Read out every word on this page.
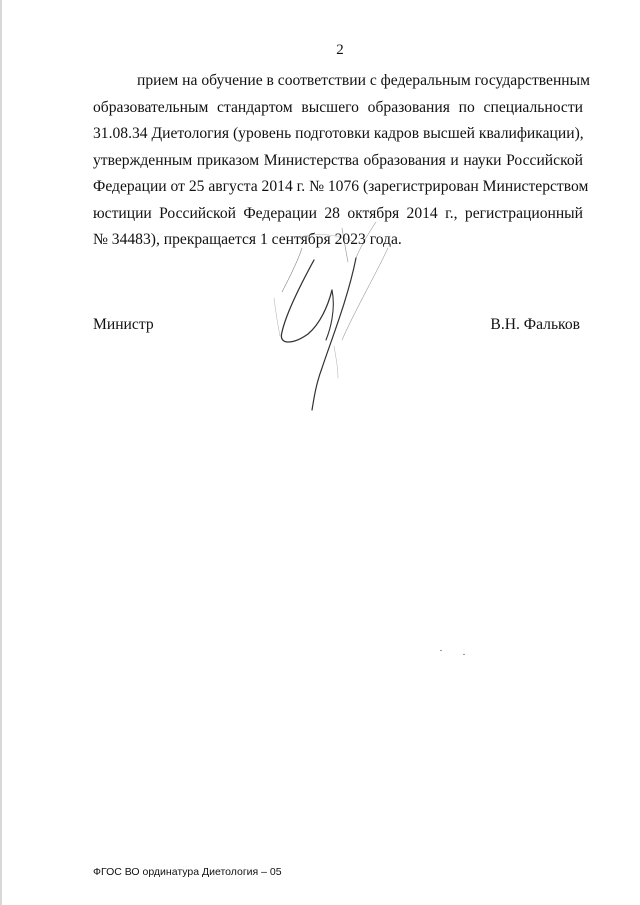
2
прием на обучение в соответствии с федеральным государственным
образовательным стандартом высшего образования по специальности
31.08.34 Диетология (уровень подготовки кадров высшей квалификации),
утвержденным приказом Министерства образования и науки Российской
Федерации от 25 августа 2014 г. № 1076 (зарегистрирован Министерством
юстиции Российской Федерации 28 октября 2014 г., регистрационный
№ 34483), прекращается 1 сентября 2023 года.
Министр	В.Н. Фальков
ФГОС ВО ординатура Диетология – 05
